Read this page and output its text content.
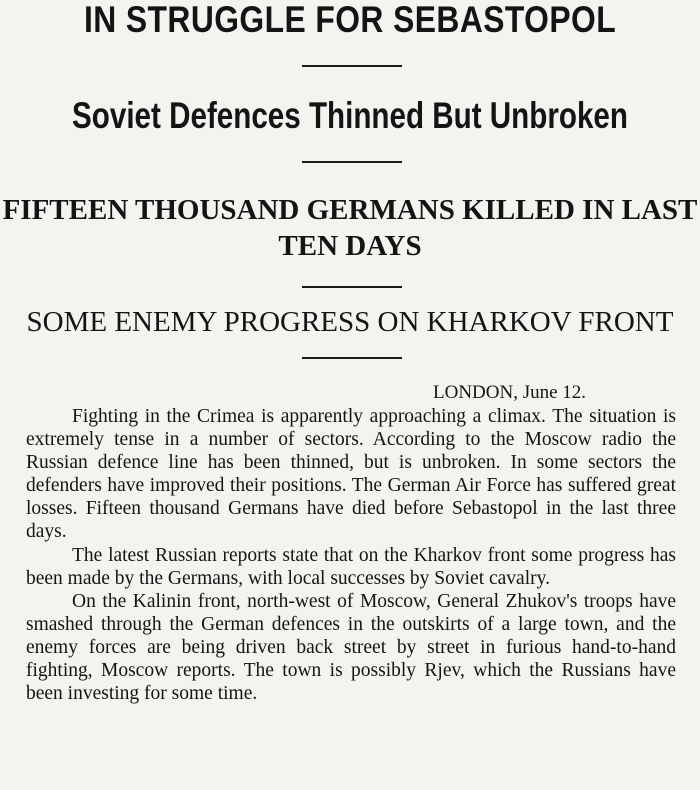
IN STRUGGLE FOR SEBASTOPOL
Soviet Defences Thinned But Unbroken
FIFTEEN THOUSAND GERMANS KILLED IN LAST
TEN DAYS
SOME ENEMY PROGRESS ON KHARKOV FRONT
LONDON, June 12.

Fighting in the Crimea is apparently approaching a climax. The situation is extremely tense in a number of sectors. According to the Moscow radio the Russian defence line has been thinned, but is unbroken. In some sectors the defenders have improved their positions. The German Air Force has suffered great losses. Fifteen thousand Germans have died before Sebastopol in the last three days.

The latest Russian reports state that on the Kharkov front some progress has been made by the Germans, with local successes by Soviet cavalry.

On the Kalinin front, north-west of Moscow, General Zhukov's troops have smashed through the German defences in the outskirts of a large town, and the enemy forces are being driven back street by street in furious hand-to-hand fighting, Moscow reports. The town is possibly Rjev, which the Russians have been investing for some time.
